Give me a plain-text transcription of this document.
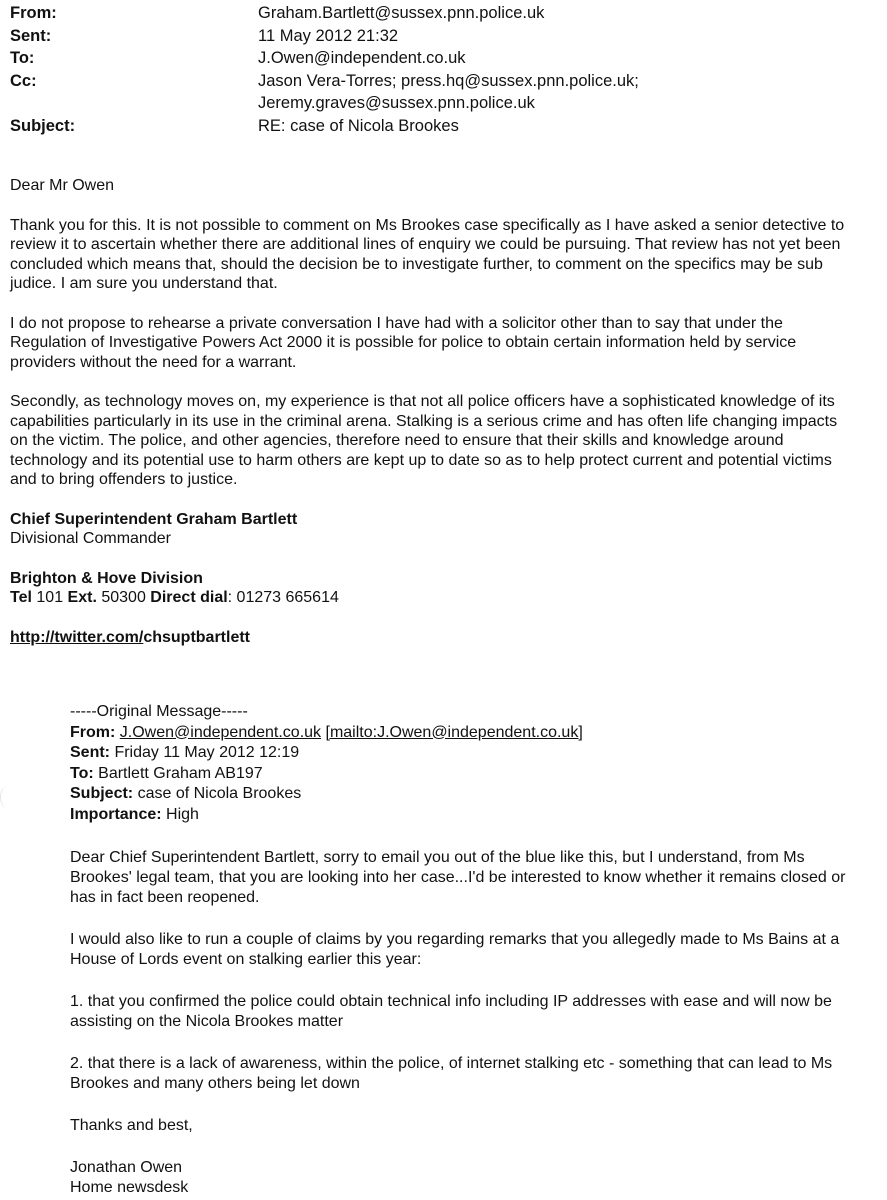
From:	Graham.Bartlett@sussex.pnn.police.uk
Sent:	11 May 2012 21:32
To:	J.Owen@independent.co.uk
Cc:	Jason Vera-Torres; press.hq@sussex.pnn.police.uk;
Jeremy.graves@sussex.pnn.police.uk
Subject:	RE: case of Nicola Brookes
Dear Mr Owen
Thank you for this. It is not possible to comment on Ms Brookes case specifically as I have asked a senior detective to
review it to ascertain whether there are additional lines of enquiry we could be pursuing. That review has not yet been
concluded which means that, should the decision be to investigate further, to comment on the specifics may be sub
judice. I am sure you understand that.
I do not propose to rehearse a private conversation I have had with a solicitor other than to say that under the
Regulation of Investigative Powers Act 2000 it is possible for police to obtain certain information held by service
providers without the need for a warrant.
Secondly, as technology moves on, my experience is that not all police officers have a sophisticated knowledge of its
capabilities particularly in its use in the criminal arena. Stalking is a serious crime and has often life changing impacts
on the victim. The police, and other agencies, therefore need to ensure that their skills and knowledge around
technology and its potential use to harm others are kept up to date so as to help protect current and potential victims
and to bring offenders to justice.
Chief Superintendent Graham Bartlett
Divisional Commander
Brighton & Hove Division
Tel 101 Ext. 50300 Direct dial: 01273 665614
http://twitter.com/chsuptbartlett
-----Original Message-----
From: J.Owen@independent.co.uk [mailto:J.Owen@independent.co.uk]
Sent: Friday 11 May 2012 12:19
To: Bartlett Graham AB197
Subject: case of Nicola Brookes
Importance: High
Dear Chief Superintendent Bartlett, sorry to email you out of the blue like this, but I understand, from Ms
Brookes' legal team, that you are looking into her case...I'd be interested to know whether it remains closed or
has in fact been reopened.
I would also like to run a couple of claims by you regarding remarks that you allegedly made to Ms Bains at a
House of Lords event on stalking earlier this year:
1. that you confirmed the police could obtain technical info including IP addresses with ease and will now be
assisting on the Nicola Brookes matter
2. that there is a lack of awareness, within the police, of internet stalking etc - something that can lead to Ms
Brookes and many others being let down
Thanks and best,
Jonathan Owen
Home newsdesk
